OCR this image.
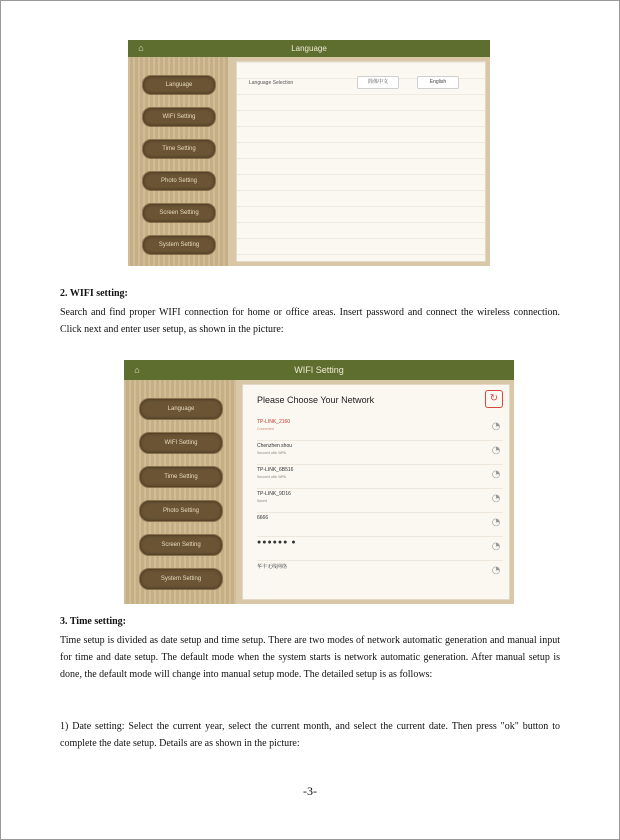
⌂	Language
Language
WIFI Setting
Time Setting
Photo Setting
Screen Setting
System Setting
Language Selection	简体中文	English
2. WIFI setting:
Search and find proper WIFI connection for home or office areas. Insert password and connect the wireless connection. Click next and enter user setup, as shown in the picture:
⌂	WIFI Setting
Language
WIFI Setting
Time Setting
Photo Setting
Screen Setting
System Setting
Please Choose Your Network	↻
TP-LINK_2160
Connected	◔
Chenzhen shou
Secured with WPA	◔
TP-LINK_6B516
Secured with WPA	◔
TP-LINK_9D16
Saved	◔
6666	◔
●●●●●● ●	◔
华丰无线网络	◔
3. Time setting:
Time setup is divided as date setup and time setup. There are two modes of network automatic generation and manual input for time and date setup. The default mode when the system starts is network automatic generation. After manual setup is done, the default mode will change into manual setup mode. The detailed setup is as follows:
1) Date setting: Select the current year, select the current month, and select the current date. Then press "ok" button to complete the date setup. Details are as shown in the picture:
-3-
